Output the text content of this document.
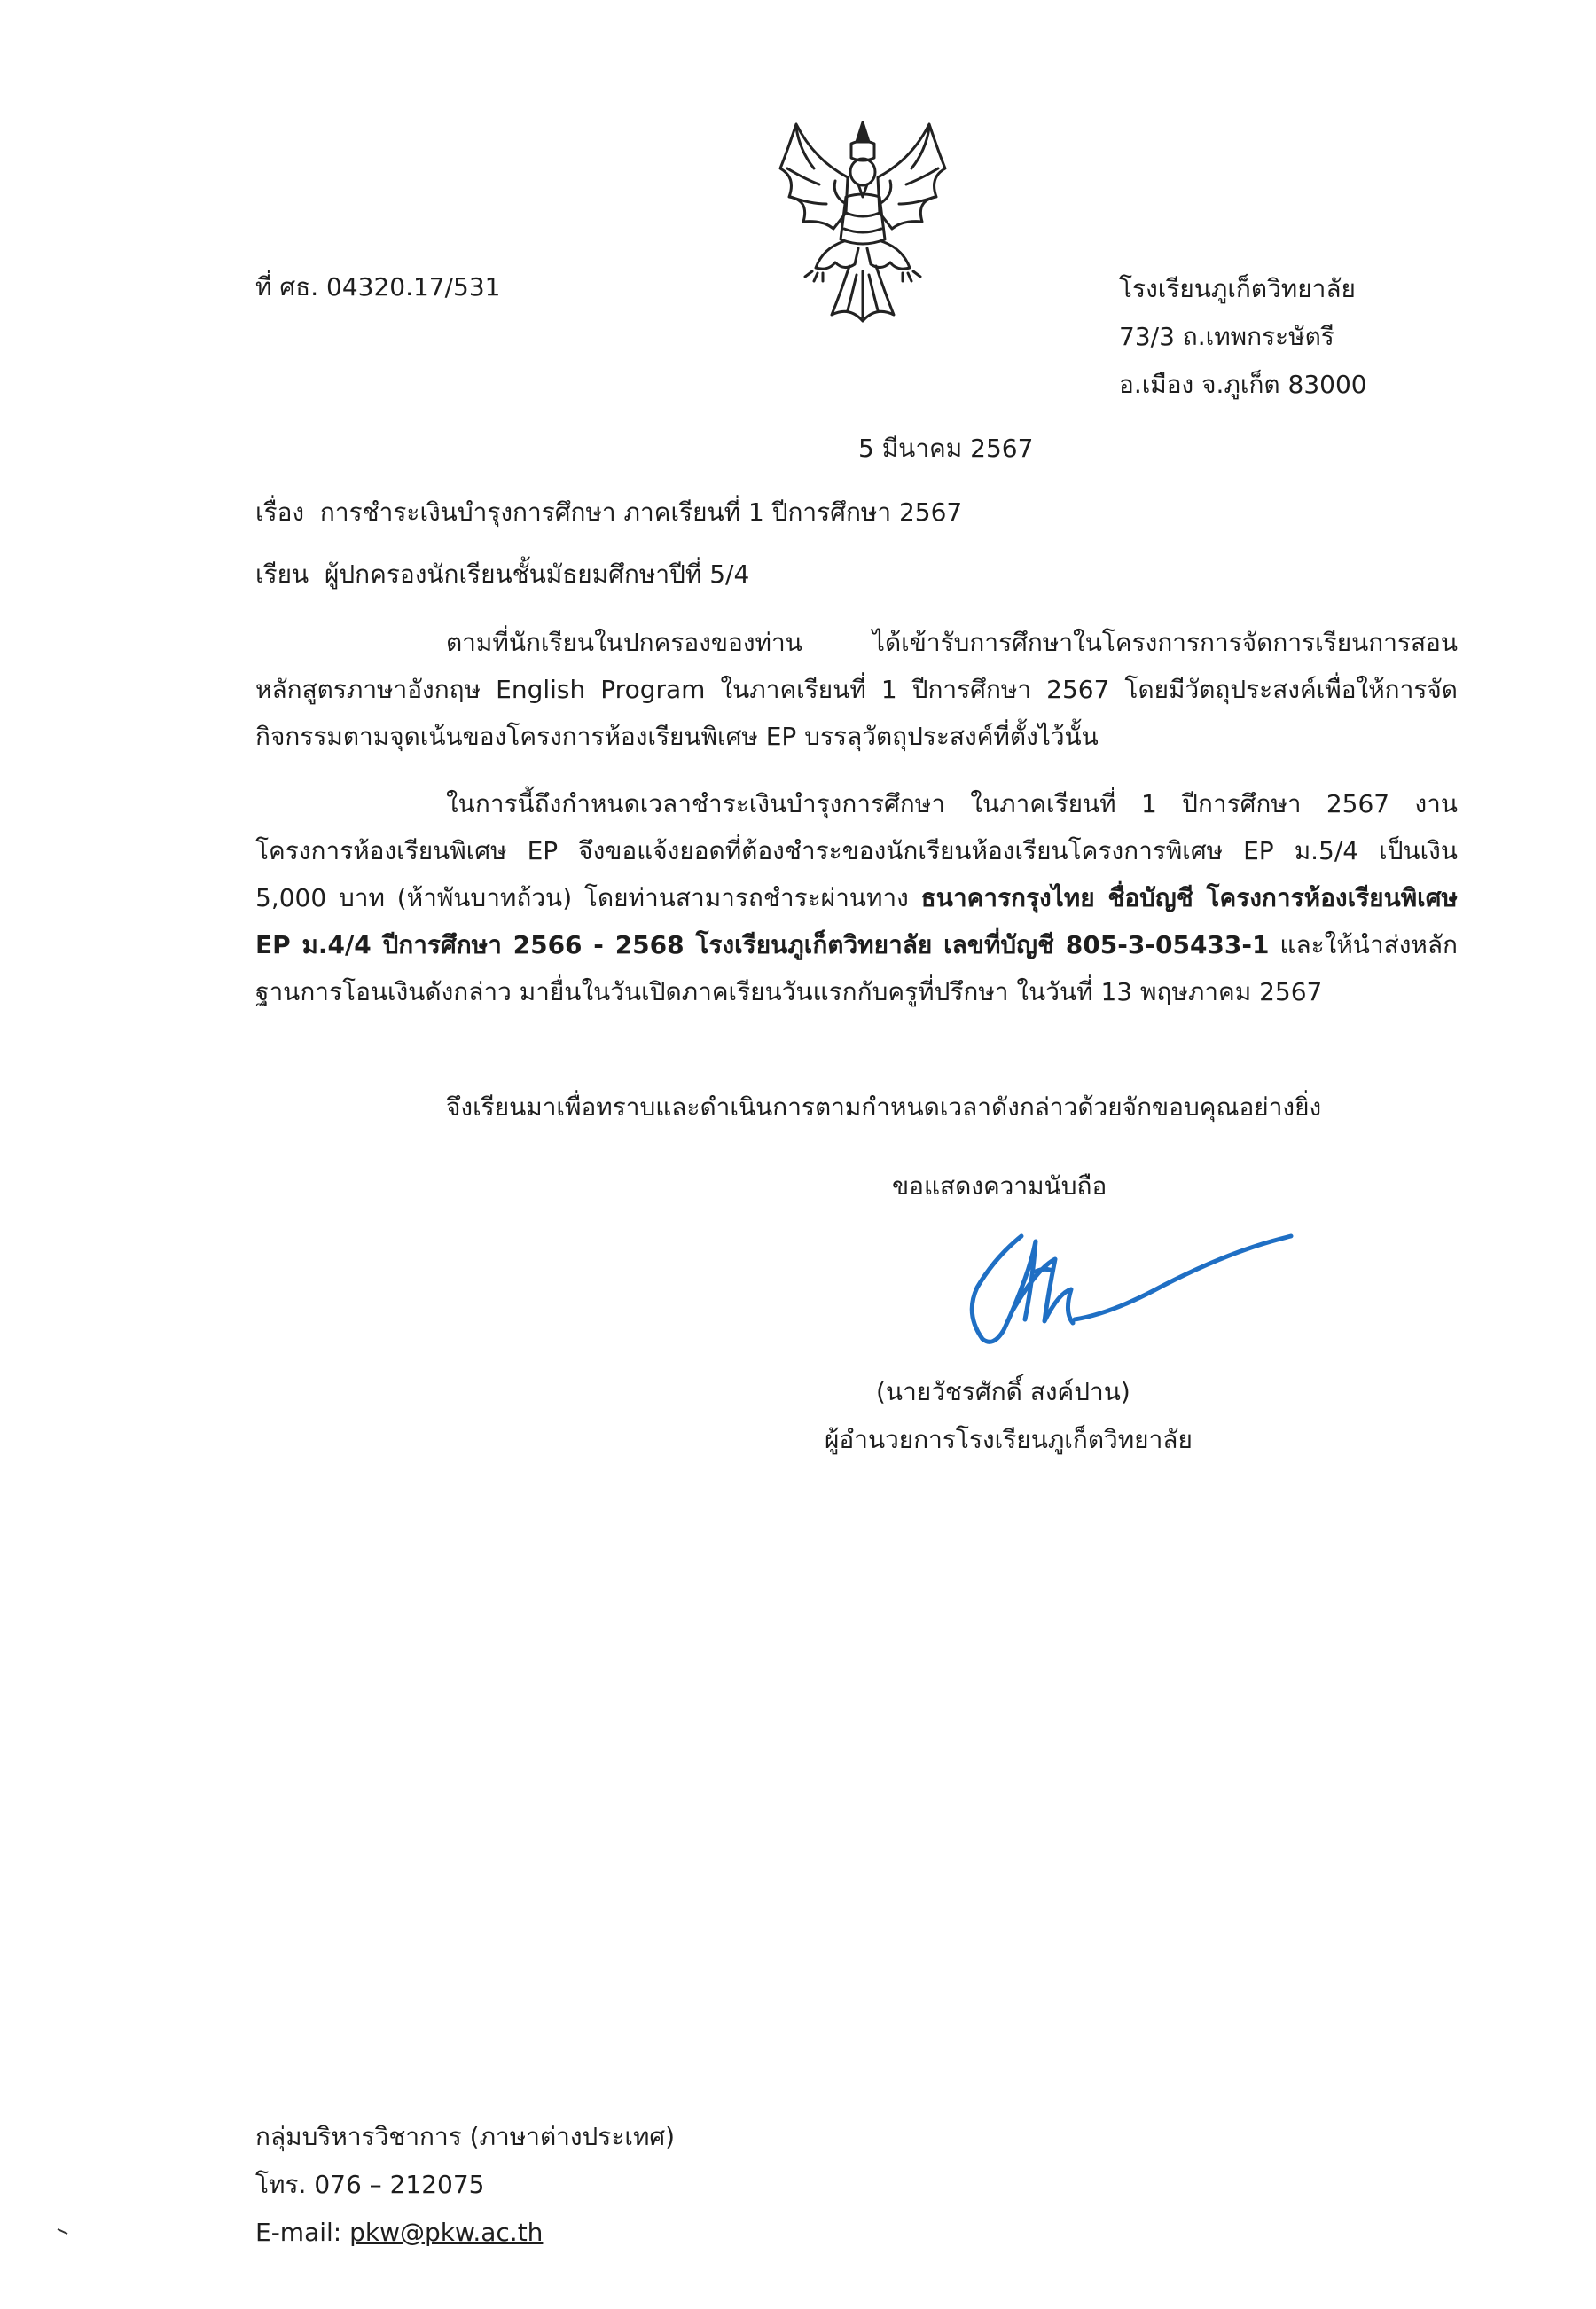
ที่ ศธ. 04320.17/531	โรงเรียนภูเก็ตวิทยาลัย
73/3 ถ.เทพกระษัตรี
อ.เมือง จ.ภูเก็ต 83000
5 มีนาคม 2567
เรื่อง การชำระเงินบำรุงการศึกษา ภาคเรียนที่ 1 ปีการศึกษา 2567
เรียน ผู้ปกครองนักเรียนชั้นมัธยมศึกษาปีที่ 5/4

ตามที่นักเรียนในปกครองของท่าน ได้เข้ารับการศึกษาในโครงการการจัดการเรียนการสอนหลักสูตรภาษาอังกฤษ English Program ในภาคเรียนที่ 1 ปีการศึกษา 2567 โดยมีวัตถุประสงค์เพื่อให้การจัดกิจกรรมตามจุดเน้นของโครงการห้องเรียนพิเศษ EP บรรลุวัตถุประสงค์ที่ตั้งไว้นั้น

ในการนี้ถึงกำหนดเวลาชำระเงินบำรุงการศึกษา ในภาคเรียนที่ 1 ปีการศึกษา 2567 งานโครงการห้องเรียนพิเศษ EP จึงขอแจ้งยอดที่ต้องชำระของนักเรียนห้องเรียนโครงการพิเศษ EP ม.5/4 เป็นเงิน 5,000 บาท (ห้าพันบาทถ้วน) โดยท่านสามารถชำระผ่านทาง ธนาคารกรุงไทย ชื่อบัญชี โครงการห้องเรียนพิเศษ EP ม.4/4 ปีการศึกษา 2566 - 2568 โรงเรียนภูเก็ตวิทยาลัย เลขที่บัญชี 805-3-05433-1 และให้นำส่งหลักฐานการโอนเงินดังกล่าว มายื่นในวันเปิดภาคเรียนวันแรกกับครูที่ปรึกษา ในวันที่ 13 พฤษภาคม 2567

จึงเรียนมาเพื่อทราบและดำเนินการตามกำหนดเวลาดังกล่าวด้วยจักขอบคุณอย่างยิ่ง

ขอแสดงความนับถือ
(นายวัชรศักดิ์ สงค์ปาน)
ผู้อำนวยการโรงเรียนภูเก็ตวิทยาลัย
กลุ่มบริหารวิชาการ (ภาษาต่างประเทศ)
โทร. 076 – 212075
E-mail: pkw@pkw.ac.th
